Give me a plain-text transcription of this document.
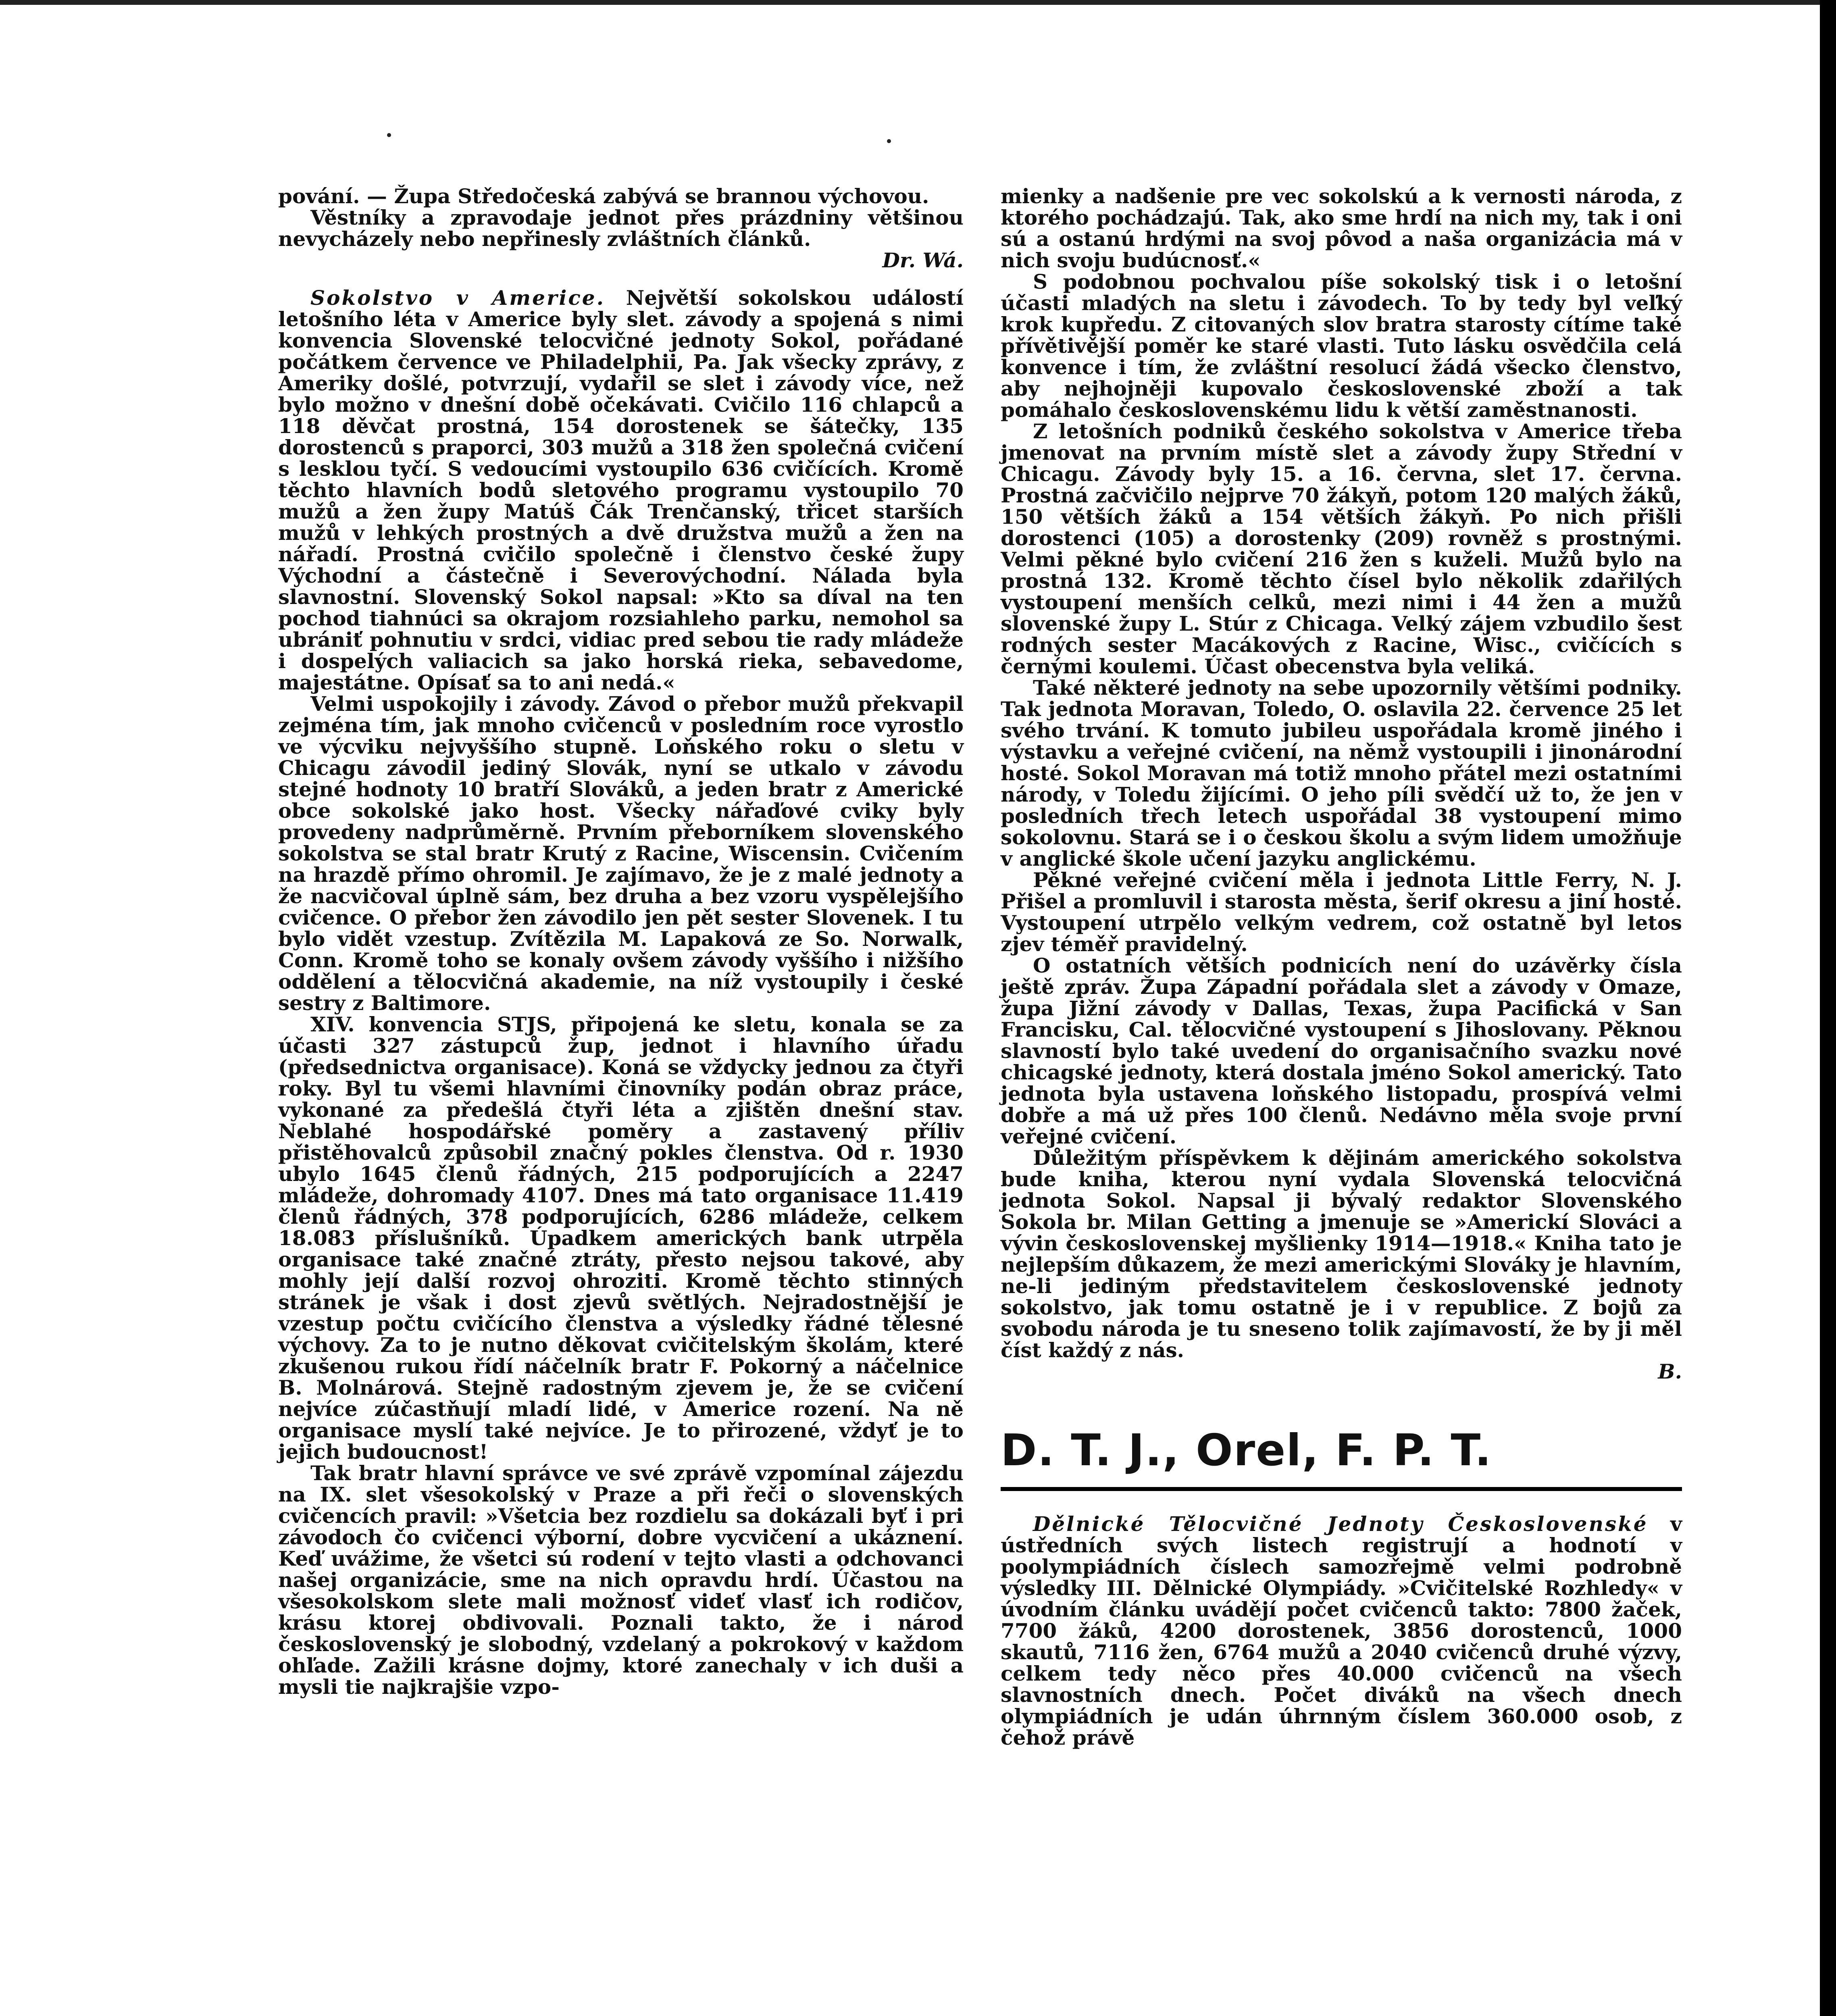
pování. — Župa Středočeská zabývá se brannou výchovou.

Věstníky a zpravodaje jednot přes prázdniny většinou nevycházely nebo nepřinesly zvláštních článků.
Dr. Wá.

Sokolstvo v Americe. Největší sokolskou událostí letošního léta v Americe byly slet. závody a spojená s nimi konvencia Slovenské telocvičné jednoty Sokol, pořádané počátkem července ve Philadelphii, Pa. Jak všecky zprávy, z Ameriky došlé, potvrzují, vydařil se slet i závody více, než bylo možno v dnešní době očekávati. Cvičilo 116 chlapců a 118 děvčat prostná, 154 dorostenek se šátečky, 135 dorostenců s praporci, 303 mužů a 318 žen společná cvičení s lesklou tyčí. S vedoucími vystoupilo 636 cvičících. Kromě těchto hlavních bodů sletového programu vystoupilo 70 mužů a žen župy Matúš Čák Trenčanský, třicet starších mužů v lehkých prostných a dvě družstva mužů a žen na nářadí. Prostná cvičilo společně i členstvo české župy Východní a částečně i Severovýchodní. Nálada byla slavnostní. Slovenský Sokol napsal: »Kto sa díval na ten pochod tiahnúci sa okrajom rozsiahleho parku, nemohol sa ubrániť pohnutiu v srdci, vidiac pred sebou tie rady mládeže i dospelých valiacich sa jako horská rieka, sebavedome, majestátne. Opísať sa to ani nedá.«

Velmi uspokojily i závody. Závod o přebor mužů překvapil zejména tím, jak mnoho cvičenců v posledním roce vyrostlo ve výcviku nejvyššího stupně. Loňského roku o sletu v Chicagu závodil jediný Slovák, nyní se utkalo v závodu stejné hodnoty 10 bratří Slováků, a jeden bratr z Americké obce sokolské jako host. Všecky nářaďové cviky byly provedeny nadprůměrně. Prvním přeborníkem slovenského sokolstva se stal bratr Krutý z Racine, Wiscensin. Cvičením na hrazdě přímo ohromil. Je zajímavo, že je z malé jednoty a že nacvičoval úplně sám, bez druha a bez vzoru vyspělejšího cvičence. O přebor žen závodilo jen pět sester Slovenek. I tu bylo vidět vzestup. Zvítězila M. Lapaková ze So. Norwalk, Conn. Kromě toho se konaly ovšem závody vyššího i nižšího oddělení a tělocvičná akademie, na níž vystoupily i české sestry z Baltimore.

XIV. konvencia STJS, připojená ke sletu, konala se za účasti 327 zástupců žup, jednot i hlavního úřadu (předsednictva organisace). Koná se vždycky jednou za čtyři roky. Byl tu všemi hlavními činovníky podán obraz práce, vykonané za předešlá čtyři léta a zjištěn dnešní stav. Neblahé hospodářské poměry a zastavený příliv přistěhovalců způsobil značný pokles členstva. Od r. 1930 ubylo 1645 členů řádných, 215 podporujících a 2247 mládeže, dohromady 4107. Dnes má tato organisace 11.419 členů řádných, 378 podporujících, 6286 mládeže, celkem 18.083 příslušníků. Úpadkem amerických bank utrpěla organisace také značné ztráty, přesto nejsou takové, aby mohly její další rozvoj ohroziti. Kromě těchto stinných stránek je však i dost zjevů světlých. Nejradostnější je vzestup počtu cvičícího členstva a výsledky řádné tělesné výchovy. Za to je nutno děkovat cvičitelským školám, které zkušenou rukou řídí náčelník bratr F. Pokorný a náčelnice B. Molnárová. Stejně radostným zjevem je, že se cvičení nejvíce zúčastňují mladí lidé, v Americe rození. Na ně organisace myslí také nejvíce. Je to přirozené, vždyť je to jejich budoucnost!

Tak bratr hlavní správce ve své zprávě vzpomínal zájezdu na IX. slet všesokolský v Praze a při řeči o slovenských cvičencích pravil: »Všetcia bez rozdielu sa dokázali byť i pri závodoch čo cvičenci výborní, dobre vycvičení a ukáznení. Keď uvážime, že všetci sú rodení v tejto vlasti a odchovanci našej organizácie, sme na nich opravdu hrdí. Účastou na všesokolskom slete mali možnosť videť vlasť ich rodičov, krásu ktorej obdivovali. Poznali takto, že i národ československý je slobodný, vzdelaný a pokrokový v každom ohľade. Zažili krásne dojmy, ktoré zanechaly v ich duši a mysli tie najkrajšie vzpo-

mienky a nadšenie pre vec sokolskú a k vernosti národa, z ktorého pochádzajú. Tak, ako sme hrdí na nich my, tak i oni sú a ostanú hrdými na svoj pôvod a naša organizácia má v nich svoju budúcnosť.«

S podobnou pochvalou píše sokolský tisk i o letošní účasti mladých na sletu i závodech. To by tedy byl veľký krok kupředu. Z citovaných slov bratra starosty cítíme také přívětivější poměr ke staré vlasti. Tuto lásku osvědčila celá konvence i tím, že zvláštní resolucí žádá všecko členstvo, aby nejhojněji kupovalo československé zboží a tak pomáhalo československému lidu k větší zaměstnanosti.

Z letošních podniků českého sokolstva v Americe třeba jmenovat na prvním místě slet a závody župy Střední v Chicagu. Závody byly 15. a 16. června, slet 17. června. Prostná začvičilo nejprve 70 žákyň, potom 120 malých žáků, 150 větších žáků a 154 větších žákyň. Po nich přišli dorostenci (105) a dorostenky (209) rovněž s prostnými. Velmi pěkné bylo cvičení 216 žen s kuželi. Mužů bylo na prostná 132. Kromě těchto čísel bylo několik zdařilých vystoupení menších celků, mezi nimi i 44 žen a mužů slovenské župy L. Stúr z Chicaga. Velký zájem vzbudilo šest rodných sester Macákových z Racine, Wisc., cvičících s černými koulemi. Účast obecenstva byla veliká.

Také některé jednoty na sebe upozornily většími podniky. Tak jednota Moravan, Toledo, O. oslavila 22. července 25 let svého trvání. K tomuto jubileu uspořádala kromě jiného i výstavku a veřejné cvičení, na němž vystoupili i jinonárodní hosté. Sokol Moravan má totiž mnoho přátel mezi ostatními národy, v Toledu žijícími. O jeho píli svědčí už to, že jen v posledních třech letech uspořádal 38 vystoupení mimo sokolovnu. Stará se i o českou školu a svým lidem umožňuje v anglické škole učení jazyku anglickému.

Pěkné veřejné cvičení měla i jednota Little Ferry, N. J. Přišel a promluvil i starosta města, šerif okresu a jiní hosté. Vystoupení utrpělo velkým vedrem, což ostatně byl letos zjev téměř pravidelný.

O ostatních větších podnicích není do uzávěrky čísla ještě zpráv. Župa Západní pořádala slet a závody v Omaze, župa Jižní závody v Dallas, Texas, župa Pacifická v San Francisku, Cal. tělocvičné vystoupení s Jihoslovany. Pěknou slavností bylo také uvedení do organisačního svazku nové chicagské jednoty, která dostala jméno Sokol americký. Tato jednota byla ustavena loňského listopadu, prospívá velmi dobře a má už přes 100 členů. Nedávno měla svoje první veřejné cvičení.

Důležitým příspěvkem k dějinám amerického sokolstva bude kniha, kterou nyní vydala Slovenská telocvičná jednota Sokol. Napsal ji bývalý redaktor Slovenského Sokola br. Milan Getting a jmenuje se »Americkí Slováci a vývin československej myšlienky 1914—1918.« Kniha tato je nejlepším důkazem, že mezi americkými Slováky je hlavním, ne-li jediným představitelem československé jednoty sokolstvo, jak tomu ostatně je i v republice. Z bojů za svobodu národa je tu sneseno tolik zajímavostí, že by ji měl číst každý z nás.
B.

D. T. J., Orel, F. P. T.

Dělnické Tělocvičné Jednoty Československé v ústředních svých listech registrují a hodnotí v poolympiádních číslech samozřejmě velmi podrobně výsledky III. Dělnické Olympiády. »Cvičitelské Rozhledy« v úvodním článku uvádějí počet cvičenců takto: 7800 žaček, 7700 žáků, 4200 dorostenek, 3856 dorostenců, 1000 skautů, 7116 žen, 6764 mužů a 2040 cvičenců druhé výzvy, celkem tedy něco přes 40.000 cvičenců na všech slavnostních dnech. Počet diváků na všech dnech olympiádních je udán úhrnným číslem 360.000 osob, z čehož právě
